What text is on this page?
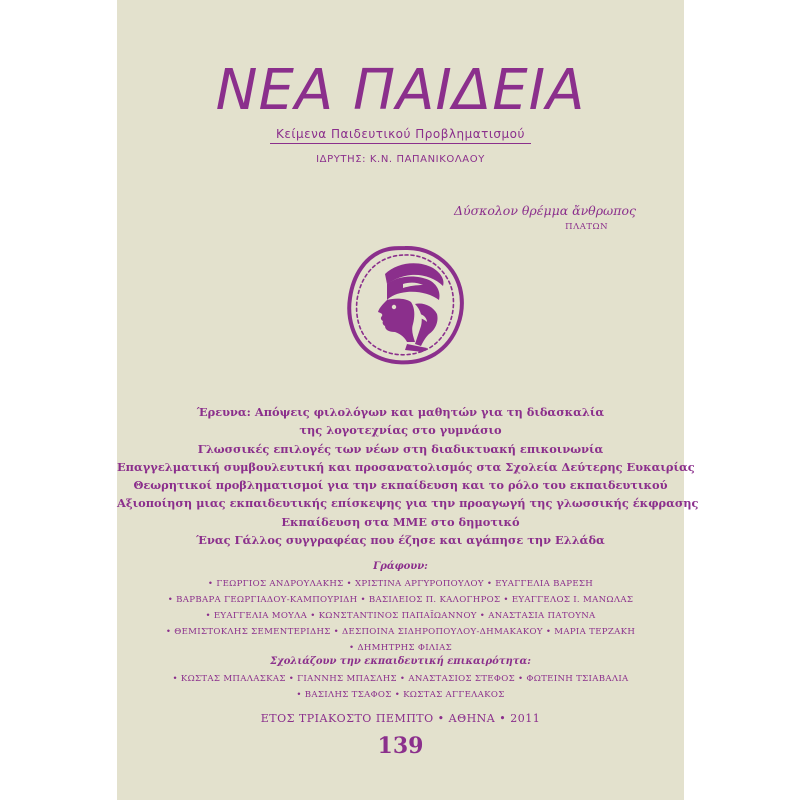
ΝΕΑ ΠΑΙΔΕΙΑ
Κείμενα Παιδευτικού Προβληματισμού
ΙΔΡΥΤΗΣ: Κ.Ν. ΠΑΠΑΝΙΚΟΛΑΟΥ
Δύσκολον θρέμμα ἄνθρωπος
ΠΛΑΤΩΝ
Έρευνα: Απόψεις φιλολόγων και μαθητών για τη διδασκαλία
της λογοτεχνίας στο γυμνάσιο
Γλωσσικές επιλογές των νέων στη διαδικτυακή επικοινωνία
Επαγγελματική συμβουλευτική και προσανατολισμός στα Σχολεία Δεύτερης Ευκαιρίας
Θεωρητικοί προβληματισμοί για την εκπαίδευση και το ρόλο του εκπαιδευτικού
Αξιοποίηση μιας εκπαιδευτικής επίσκεψης για την προαγωγή της γλωσσικής έκφρασης
Εκπαίδευση στα ΜΜΕ στο δημοτικό
Ένας Γάλλος συγγραφέας που έζησε και αγάπησε την Ελλάδα
Γράφουν:
• ΓΕΩΡΓΙΟΣ ΑΝΔΡΟΥΛΑΚΗΣ • ΧΡΙΣΤΙΝΑ ΑΡΓΥΡΟΠΟΥΛΟΥ • ΕΥΑΓΓΕΛΙΑ ΒΑΡΕΣΗ
• ΒΑΡΒΑΡΑ ΓΕΩΡΓΙΑΔΟΥ-ΚΑΜΠΟΥΡΙΔΗ • ΒΑΣΙΛΕΙΟΣ Π. ΚΑΛΟΓΗΡΟΣ • ΕΥΑΓΓΕΛΟΣ Ι. ΜΑΝΩΛΑΣ
• ΕΥΑΓΓΕΛΙΑ ΜΟΥΛΑ • ΚΩΝΣΤΑΝΤΙΝΟΣ ΠΑΠΑΪΩΑΝΝΟΥ • ΑΝΑΣΤΑΣΙΑ ΠΑΤΟΥΝΑ
• ΘΕΜΙΣΤΟΚΛΗΣ ΣΕΜΕΝΤΕΡΙΔΗΣ • ΔΕΣΠΟΙΝΑ ΣΙΔΗΡΟΠΟΥΛΟΥ-ΔΗΜΑΚΑΚΟΥ • ΜΑΡΙΑ ΤΕΡΖΑΚΗ
• ΔΗΜΗΤΡΗΣ ΦΙΛΙΑΣ
Σχολιάζουν την εκπαιδευτική επικαιρότητα:
• ΚΩΣΤΑΣ ΜΠΑΛΑΣΚΑΣ • ΓΙΑΝΝΗΣ ΜΠΑΣΛΗΣ • ΑΝΑΣΤΑΣΙΟΣ ΣΤΕΦΟΣ • ΦΩΤΕΙΝΗ ΤΣΙΑΒΑΛΙΑ
• ΒΑΣΙΛΗΣ ΤΣΑΦΟΣ • ΚΩΣΤΑΣ ΑΓΓΕΛΑΚΟΣ
ΕΤΟΣ ΤΡΙΑΚΟΣΤΟ ΠΕΜΠΤΟ • ΑΘΗΝΑ • 2011
139
